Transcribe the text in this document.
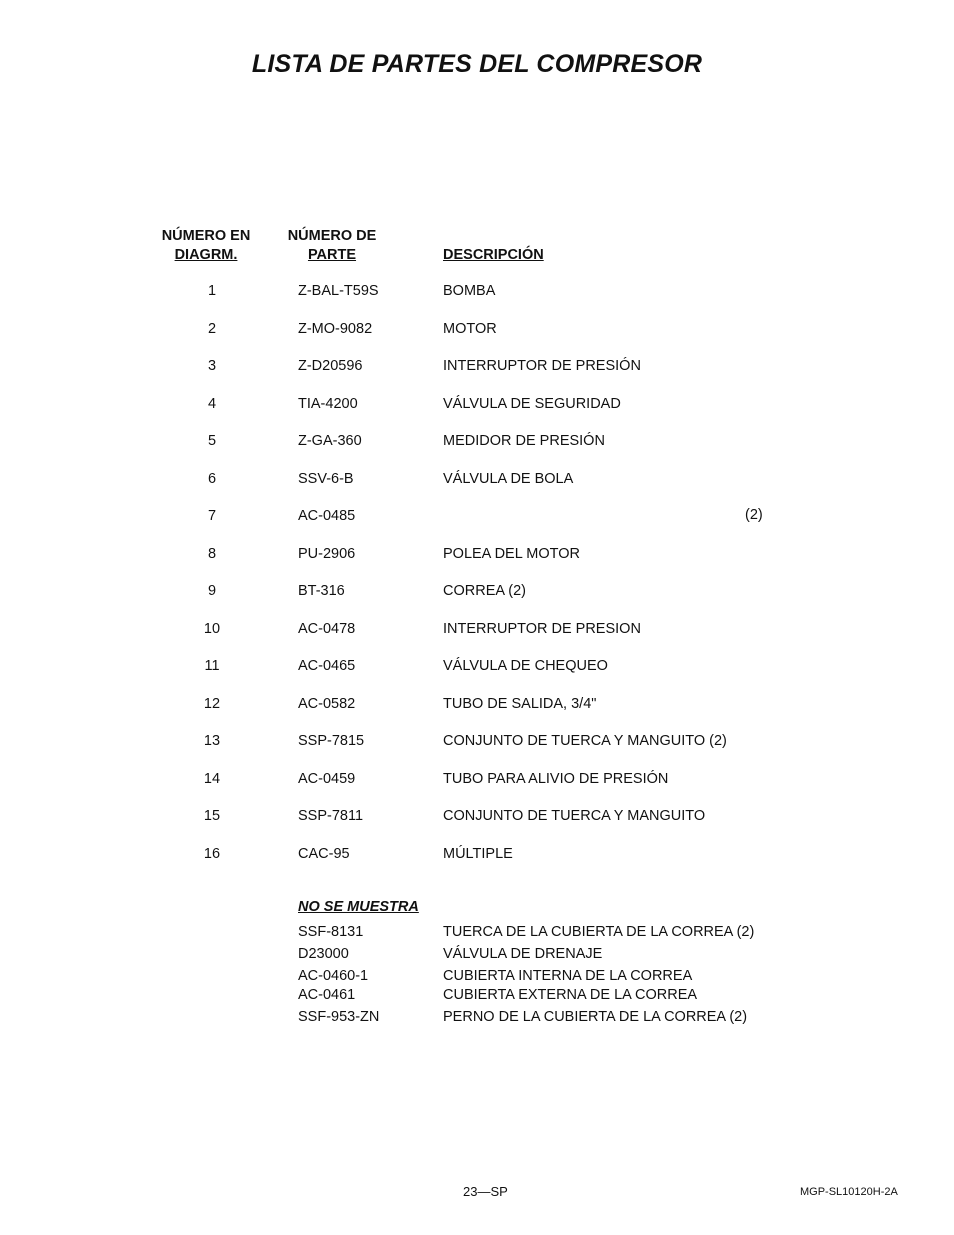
LISTA DE PARTES DEL COMPRESOR
NÚMERO EN
DIAGRM.
NÚMERO DE
PARTE	DESCRIPCIÓN
1	Z-BAL-T59S	BOMBA
2	Z-MO-9082	MOTOR
3	Z-D20596	INTERRUPTOR DE PRESIÓN
4	TIA-4200	VÁLVULA DE SEGURIDAD
5	Z-GA-360	MEDIDOR DE PRESIÓN
6	SSV-6-B	VÁLVULA DE BOLA
7	AC-0485	(2)
8	PU-2906	POLEA DEL MOTOR
9	BT-316	CORREA (2)
10	AC-0478	INTERRUPTOR DE PRESION
11	AC-0465	VÁLVULA DE CHEQUEO
12	AC-0582	TUBO DE SALIDA, 3/4"
13	SSP-7815	CONJUNTO DE TUERCA Y MANGUITO (2)
14	AC-0459	TUBO PARA ALIVIO DE PRESIÓN
15	SSP-7811	CONJUNTO DE TUERCA Y MANGUITO
16	CAC-95	MÚLTIPLE
NO SE MUESTRA
SSF-8131	TUERCA DE LA CUBIERTA DE LA CORREA (2)
D23000	VÁLVULA DE DRENAJE
AC-0460-1	CUBIERTA INTERNA DE LA CORREA
AC-0461	CUBIERTA EXTERNA DE LA CORREA
SSF-953-ZN	PERNO DE LA CUBIERTA DE LA CORREA (2)
23—SP	MGP-SL10120H-2A
